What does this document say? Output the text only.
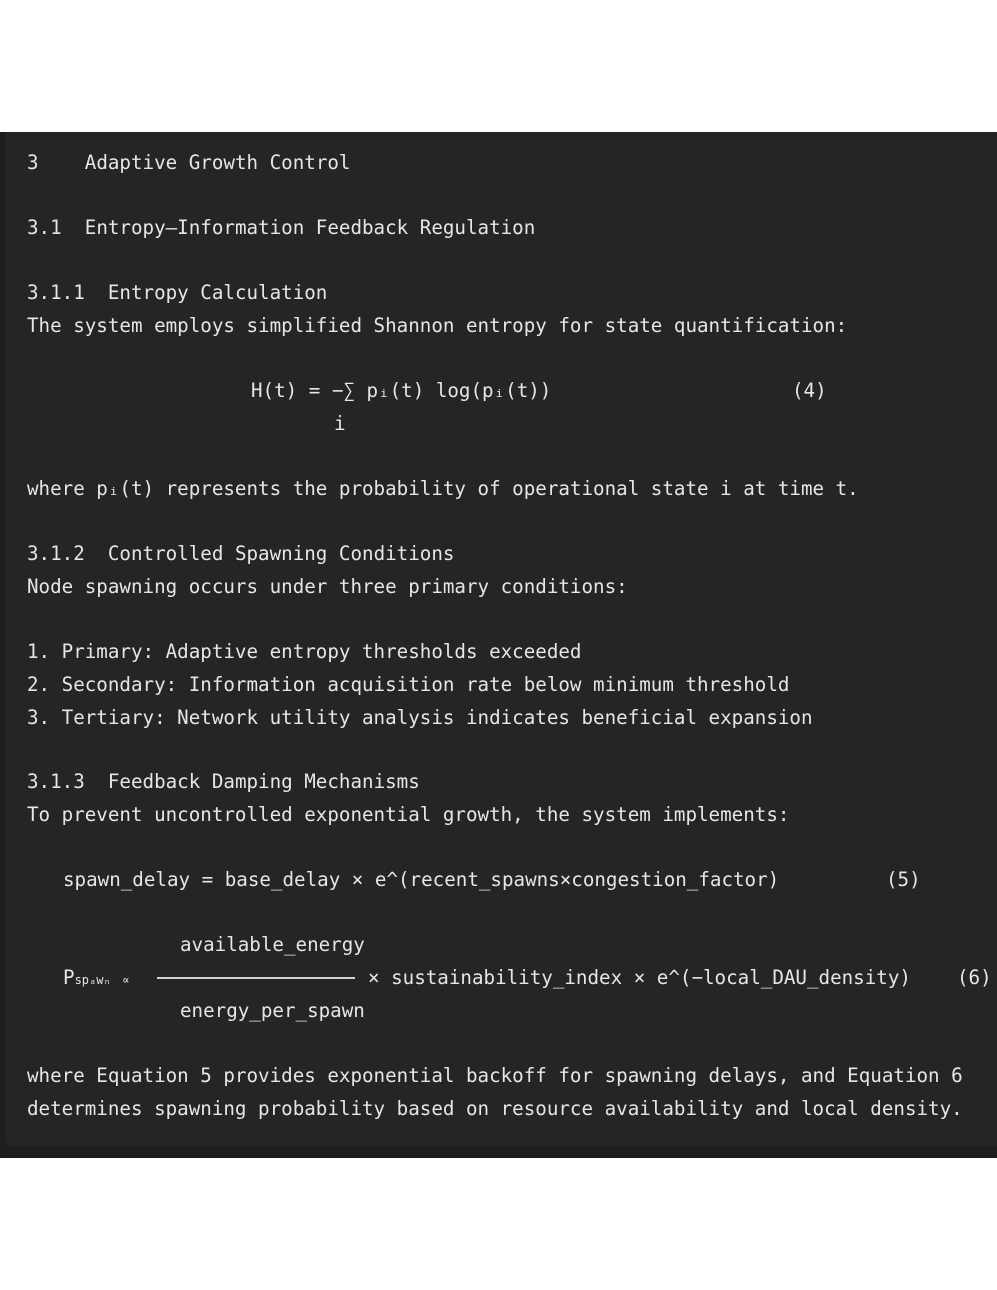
3 Adaptive Growth Control
3.1 Entropy–Information Feedback Regulation
3.1.1 Entropy Calculation
The system employs simplified Shannon entropy for state quantification:
H(t) = −∑ pᵢ(t) log(pᵢ(t))	(4)
i
where pᵢ(t) represents the probability of operational state i at time t.
3.1.2 Controlled Spawning Conditions
Node spawning occurs under three primary conditions:
1. Primary: Adaptive entropy thresholds exceeded
2. Secondary: Information acquisition rate below minimum threshold
3. Tertiary: Network utility analysis indicates beneficial expansion
3.1.3 Feedback Damping Mechanisms
To prevent uncontrolled exponential growth, the system implements:
spawn_delay = base_delay × e^(recent_spawns×congestion_factor)	(5)
available_energy
Pspₐwₙ ∝	× sustainability_index × e^(−local_DAU_density) (6)
energy_per_spawn
where Equation 5 provides exponential backoff for spawning delays, and Equation 6
determines spawning probability based on resource availability and local density.
